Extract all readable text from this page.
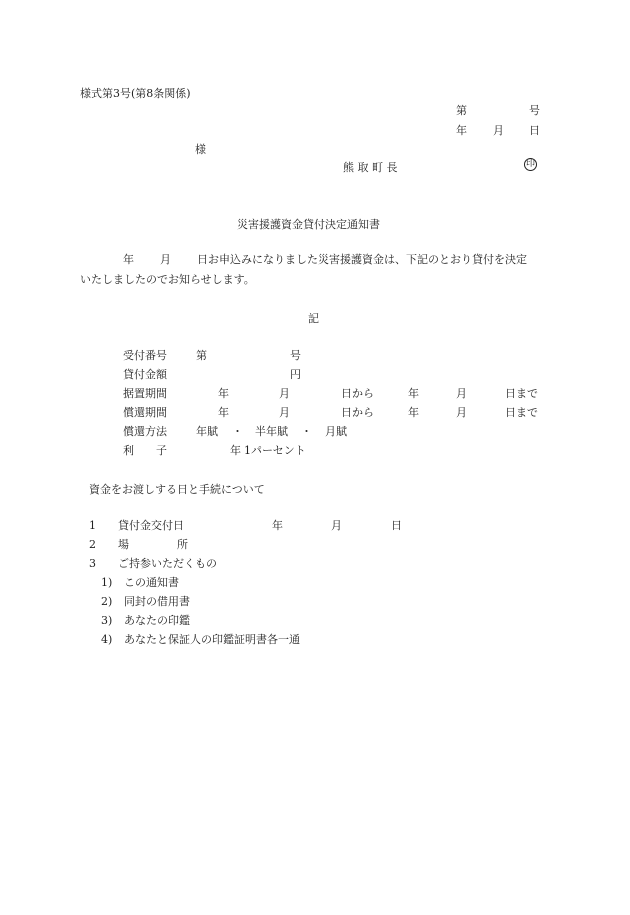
様式第3号(第8条関係)
第	号
年 月 日
様
熊 取 町 長	印
災害援護資金貸付決定通知書
年 月 日お申込みになりました災害援護資金は、下記のとおり貸付を決定
いたしましたのでお知らせします。
記
受付番号	第	号
貸付金額	円
据置期間	年	月	日から	年	月	日まで
償還期間	年	月	日から	年	月	日まで
償還方法	年賦 ・ 半年賦 ・ 月賦
利　　子	年 1パーセント
資金をお渡しする日と手続について
1 貸付金交付日	年	月	日
2 場	所
3 ご持参いただくもの
1) この通知書
2) 同封の借用書
3) あなたの印鑑
4) あなたと保証人の印鑑証明書各一通
